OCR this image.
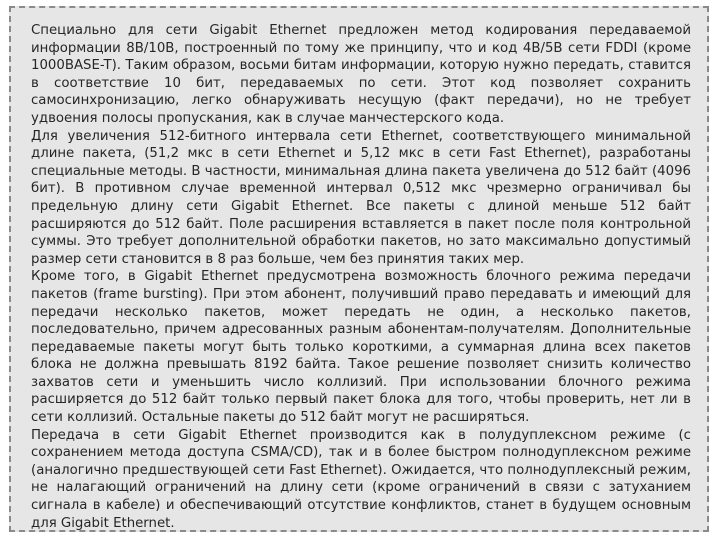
Специально для сети Gigabit Ethernet предложен метод кодирования передаваемой информации 8B/10B, построенный по тому же принципу, что и код 4B/5B сети FDDI (кроме 1000BASE-T). Таким образом, восьми битам информации, которую нужно передать, ставится в соответствие 10 бит, передаваемых по сети. Этот код позволяет сохранить самосинхронизацию, легко обнаруживать несущую (факт передачи), но не требует удвоения полосы пропускания, как в случае манчестерского кода.

Для увеличения 512-битного интервала сети Ethernet, соответствующего минимальной длине пакета, (51,2 мкс в сети Ethernet и 5,12 мкс в сети Fast Ethernet), разработаны специальные методы. В частности, минимальная длина пакета увеличена до 512 байт (4096 бит). В противном случае временной интервал 0,512 мкс чрезмерно ограничивал бы предельную длину сети Gigabit Ethernet. Все пакеты с длиной меньше 512 байт расширяются до 512 байт. Поле расширения вставляется в пакет после поля контрольной суммы. Это требует дополнительной обработки пакетов, но зато максимально допустимый размер сети становится в 8 раз больше, чем без принятия таких мер.

Кроме того, в Gigabit Ethernet предусмотрена возможность блочного режима передачи пакетов (frame bursting). При этом абонент, получивший право передавать и имеющий для передачи несколько пакетов, может передать не один, а несколько пакетов, последовательно, причем адресованных разным абонентам-получателям. Дополнительные передаваемые пакеты могут быть только короткими, а суммарная длина всех пакетов блока не должна превышать 8192 байта. Такое решение позволяет снизить количество захватов сети и уменьшить число коллизий. При использовании блочного режима расширяется до 512 байт только первый пакет блока для того, чтобы проверить, нет ли в сети коллизий. Остальные пакеты до 512 байт могут не расширяться.

Передача в сети Gigabit Ethernet производится как в полудуплексном режиме (с сохранением метода доступа CSMA/CD), так и в более быстром полнодуплексном режиме (аналогично предшествующей сети Fast Ethernet). Ожидается, что полнодуплексный режим, не налагающий ограничений на длину сети (кроме ограничений в связи с затуханием сигнала в кабеле) и обеспечивающий отсутствие конфликтов, станет в будущем основным для Gigabit Ethernet.
